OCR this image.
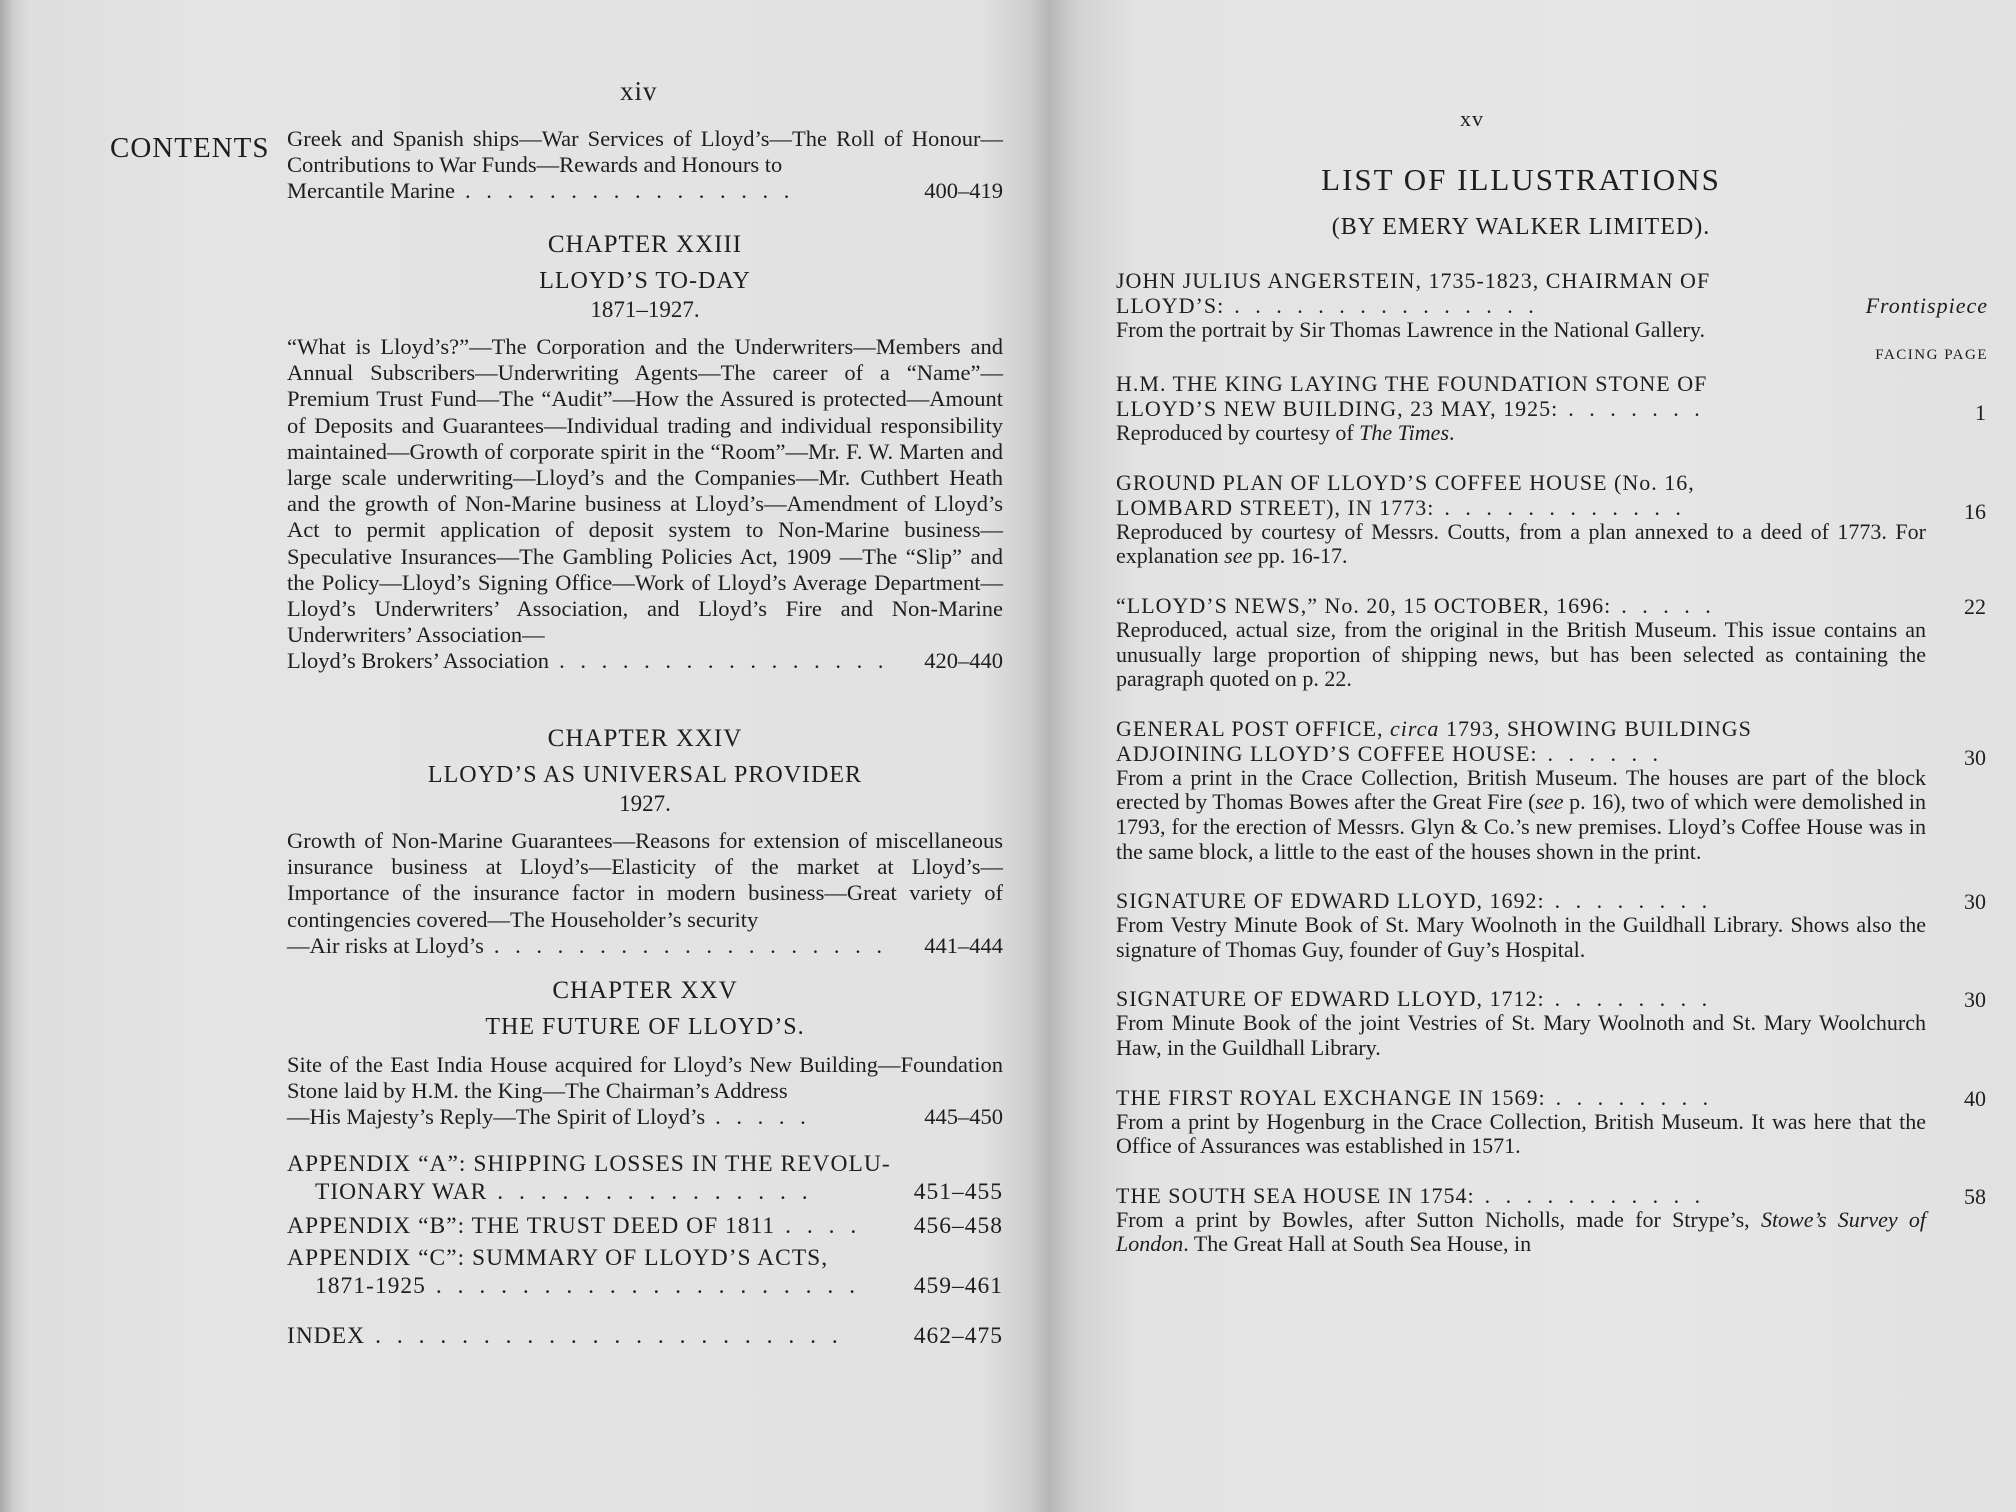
xiv
CONTENTS Greek and Spanish ships—War Services of Lloyd’s—The Roll of Honour—Contributions to War Funds—Rewards and Honours to
Mercantile Marine . . . . . . . . . . . . . . . .	400–419
CHAPTER XXIII
LLOYD’S TO-DAY
1871–1927.
“What is Lloyd’s?”—The Corporation and the Underwriters—Members and Annual Subscribers—Underwriting Agents—The career of a “Name”—Premium Trust Fund—The “Audit”—How the Assured is protected—Amount of Deposits and Guarantees—Individual trading and individual responsibility maintained—Growth of corporate spirit in the “Room”—Mr. F. W. Marten and large scale underwriting—Lloyd’s and the Companies—Mr. Cuthbert Heath and the growth of Non-Marine business at Lloyd’s—Amendment of Lloyd’s Act to permit application of deposit system to Non-Marine business—Speculative Insurances—The Gambling Policies Act, 1909 —The “Slip” and the Policy—Lloyd’s Signing Office—Work of Lloyd’s Average Department—Lloyd’s Underwriters’ Association, and Lloyd’s Fire and Non-Marine Underwriters’ Association—
Lloyd’s Brokers’ Association . . . . . . . . . . . . . . . .	420–440
CHAPTER XXIV
LLOYD’S AS UNIVERSAL PROVIDER
1927.
Growth of Non-Marine Guarantees—Reasons for extension of miscellaneous insurance business at Lloyd’s—Elasticity of the market at Lloyd’s—Importance of the insurance factor in modern business—Great variety of contingencies covered—The Householder’s security
—Air risks at Lloyd’s . . . . . . . . . . . . . . . . . . .	441–444
CHAPTER XXV
THE FUTURE OF LLOYD’S.
Site of the East India House acquired for Lloyd’s New Building—Foundation Stone laid by H.M. the King—The Chairman’s Address
—His Majesty’s Reply—The Spirit of Lloyd’s . . . . .	445–450
APPENDIX “A”: SHIPPING LOSSES IN THE REVOLU-
TIONARY WAR . . . . . . . . . . . . . . .	451–455
APPENDIX “B”: THE TRUST DEED OF 1811 . . . .	456–458
APPENDIX “C”: SUMMARY OF LLOYD’S ACTS,
1871-1925 . . . . . . . . . . . . . . . . . . . .	459–461
INDEX . . . . . . . . . . . . . . . . . . . . . .	462–475
xv
LIST OF ILLUSTRATIONS
(BY EMERY WALKER LIMITED).
JOHN JULIUS ANGERSTEIN, 1735-1823, CHAIRMAN OF
LLOYD’S: . . . . . . . . . . . . . . .	Frontispiece
From the portrait by Sir Thomas Lawrence in the National Gallery.
FACING PAGE
H.M. THE KING LAYING THE FOUNDATION STONE OF
LLOYD’S NEW BUILDING, 23 MAY, 1925: . . . . . . .	1
Reproduced by courtesy of The Times.
GROUND PLAN OF LLOYD’S COFFEE HOUSE (No. 16,
LOMBARD STREET), IN 1773: . . . . . . . . . . . .	16
Reproduced by courtesy of Messrs. Coutts, from a plan annexed to a deed of 1773. For explanation see pp. 16-17.
“LLOYD’S NEWS,” No. 20, 15 OCTOBER, 1696: . . . . .	22
Reproduced, actual size, from the original in the British Museum. This issue contains an unusually large proportion of shipping news, but has been selected as containing the paragraph quoted on p. 22.
GENERAL POST OFFICE, circa 1793, SHOWING BUILDINGS
ADJOINING LLOYD’S COFFEE HOUSE: . . . . . .	30
From a print in the Crace Collection, British Museum. The houses are part of the block erected by Thomas Bowes after the Great Fire (see p. 16), two of which were demolished in 1793, for the erection of Messrs. Glyn & Co.’s new premises. Lloyd’s Coffee House was in the same block, a little to the east of the houses shown in the print.
SIGNATURE OF EDWARD LLOYD, 1692: . . . . . . . .	30
From Vestry Minute Book of St. Mary Woolnoth in the Guildhall Library. Shows also the signature of Thomas Guy, founder of Guy’s Hospital.
SIGNATURE OF EDWARD LLOYD, 1712: . . . . . . . .	30
From Minute Book of the joint Vestries of St. Mary Woolnoth and St. Mary Woolchurch Haw, in the Guildhall Library.
THE FIRST ROYAL EXCHANGE IN 1569: . . . . . . . .	40
From a print by Hogenburg in the Crace Collection, British Museum. It was here that the Office of Assurances was established in 1571.
THE SOUTH SEA HOUSE IN 1754: . . . . . . . . . . .	58
From a print by Bowles, after Sutton Nicholls, made for Strype’s, Stowe’s Survey of London. The Great Hall at South Sea House, in
